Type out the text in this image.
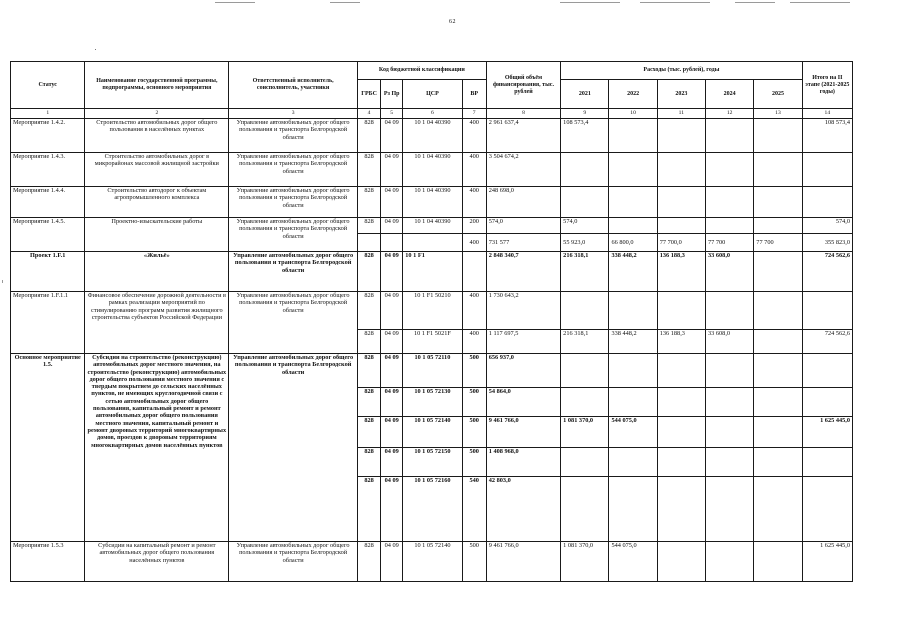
62
Статус	Наименование государственной программы, подпрограммы, основного мероприятия	Ответственный исполнитель, соисполнитель, участники	Код бюджетной классификации				Общий объём финансирования, тыс. рублей	Расходы (тыс. рублей), годы					Итого на II этапе (2021-2025 годы)
			ГРБС	Рз Пр	ЦСР	ВР		2021	2022	2023	2024	2025	
1	2	3	4	5	6	7	8	9	10	11	12	13	14
Мероприятие 1.4.2.	Строительство автомобильных дорог общего пользования в населённых пунктах	Управление автомобильных дорог общего пользования и транспорта Белгородской области	828	04 09	10 1 04 40390	400	2 961 637,4	108 573,4					108 573,4
Мероприятие 1.4.3.	Строительство автомобильных дорог в микрорайонах массовой жилищной застройки	Управление автомобильных дорог общего пользования и транспорта Белгородской области	828	04 09	10 1 04 40390	400	3 504 674,2						
Мероприятие 1.4.4.	Строительство автодорог к объектам агропромышленного комплекса	Управление автомобильных дорог общего пользования и транспорта Белгородской области	828	04 09	10 1 04 40390	400	248 698,0						
Мероприятие 1.4.5.	Проектно-изыскательские работы	Управление автомобильных дорог общего пользования и транспорта Белгородской области	828	04 09	10 1 04 40390	200	574,0	574,0					574,0
						400	731 577	55 923,0	66 800,0	77 700,0	77 700	77 700	355 823,0
Проект 1.F.1	«Жильё»	Управление автомобильных дорог общего пользования и транспорта Белгородской области	828	04 09	10 1 F1		2 848 340,7	216 318,1	338 448,2	136 188,3	33 608,0		724 562,6
Мероприятие 1.F.1.1	Финансовое обеспечение дорожной деятельности в рамках реализации мероприятий по стимулированию программ развития жилищного строительства субъектов Российской Федерации	Управление автомобильных дорог общего пользования и транспорта Белгородской области	828	04 09	10 1 F1 50210	400	1 730 643,2						
			828	04 09	10 1 F1 5021F	400	1 117 697,5	216 318,1	338 448,2	136 188,3	33 608,0		724 562,6
Основное мероприятие 1.5.	Субсидии на строительство (реконструкцию) автомобильных дорог местного значения, на строительство (реконструкцию) автомобильных дорог общего пользования местного значения с твердым покрытием до сельских населённых пунктов, не имеющих круглогодичной связи с сетью автомобильных дорог общего пользования, капитальный ремонт и ремонт автомобильных дорог общего пользования местного значения, капитальный ремонт и ремонт дворовых территорий многоквартирных домов, проездов к дворовым территориям многоквартирных домов населённых пунктов	Управление автомобильных дорог общего пользования и транспорта Белгородской области	828	04 09	10 1 05 72110	500	656 937,0						
			828	04 09	10 1 05 72130	500	54 864,0						
			828	04 09	10 1 05 72140	500	9 461 766,0	1 081 370,0	544 075,0				1 625 445,0
			828	04 09	10 1 05 72150	500	1 408 968,0						
			828	04 09	10 1 05 72160	540	42 803,0						
Мероприятие 1.5.3	Субсидии на капитальный ремонт и ремонт автомобильных дорог общего пользования населённых пунктов	Управление автомобильных дорог общего пользования и транспорта Белгородской области	828	04 09	10 1 05 72140	500	9 461 766,0	1 081 370,0	544 075,0				1 625 445,0
